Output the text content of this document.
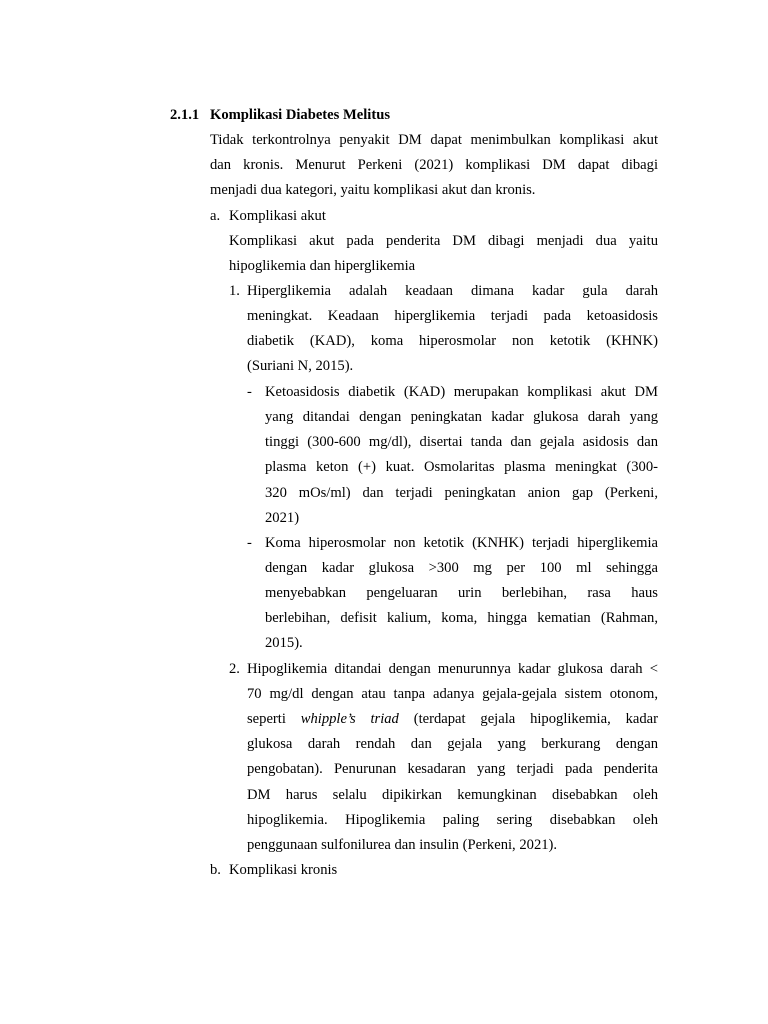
2.1.1 Komplikasi Diabetes Melitus
Tidak terkontrolnya penyakit DM dapat menimbulkan komplikasi akut
dan kronis. Menurut Perkeni (2021) komplikasi DM dapat dibagi
menjadi dua kategori, yaitu komplikasi akut dan kronis.
a. Komplikasi akut
Komplikasi akut pada penderita DM dibagi menjadi dua yaitu
hipoglikemia dan hiperglikemia
1. Hiperglikemia adalah keadaan dimana kadar gula darah
meningkat. Keadaan hiperglikemia terjadi pada ketoasidosis
diabetik (KAD), koma hiperosmolar non ketotik (KHNK)
(Suriani N, 2015).
- Ketoasidosis diabetik (KAD) merupakan komplikasi akut DM
yang ditandai dengan peningkatan kadar glukosa darah yang
tinggi (300-600 mg/dl), disertai tanda dan gejala asidosis dan
plasma keton (+) kuat. Osmolaritas plasma meningkat (300-
320 mOs/ml) dan terjadi peningkatan anion gap (Perkeni,
2021)
- Koma hiperosmolar non ketotik (KNHK) terjadi hiperglikemia
dengan kadar glukosa >300 mg per 100 ml sehingga
menyebabkan pengeluaran urin berlebihan, rasa haus
berlebihan, defisit kalium, koma, hingga kematian (Rahman,
2015).
2. Hipoglikemia ditandai dengan menurunnya kadar glukosa darah <
70 mg/dl dengan atau tanpa adanya gejala-gejala sistem otonom,
seperti whipple’s triad (terdapat gejala hipoglikemia, kadar
glukosa darah rendah dan gejala yang berkurang dengan
pengobatan). Penurunan kesadaran yang terjadi pada penderita
DM harus selalu dipikirkan kemungkinan disebabkan oleh
hipoglikemia. Hipoglikemia paling sering disebabkan oleh
penggunaan sulfonilurea dan insulin (Perkeni, 2021).
b. Komplikasi kronis
